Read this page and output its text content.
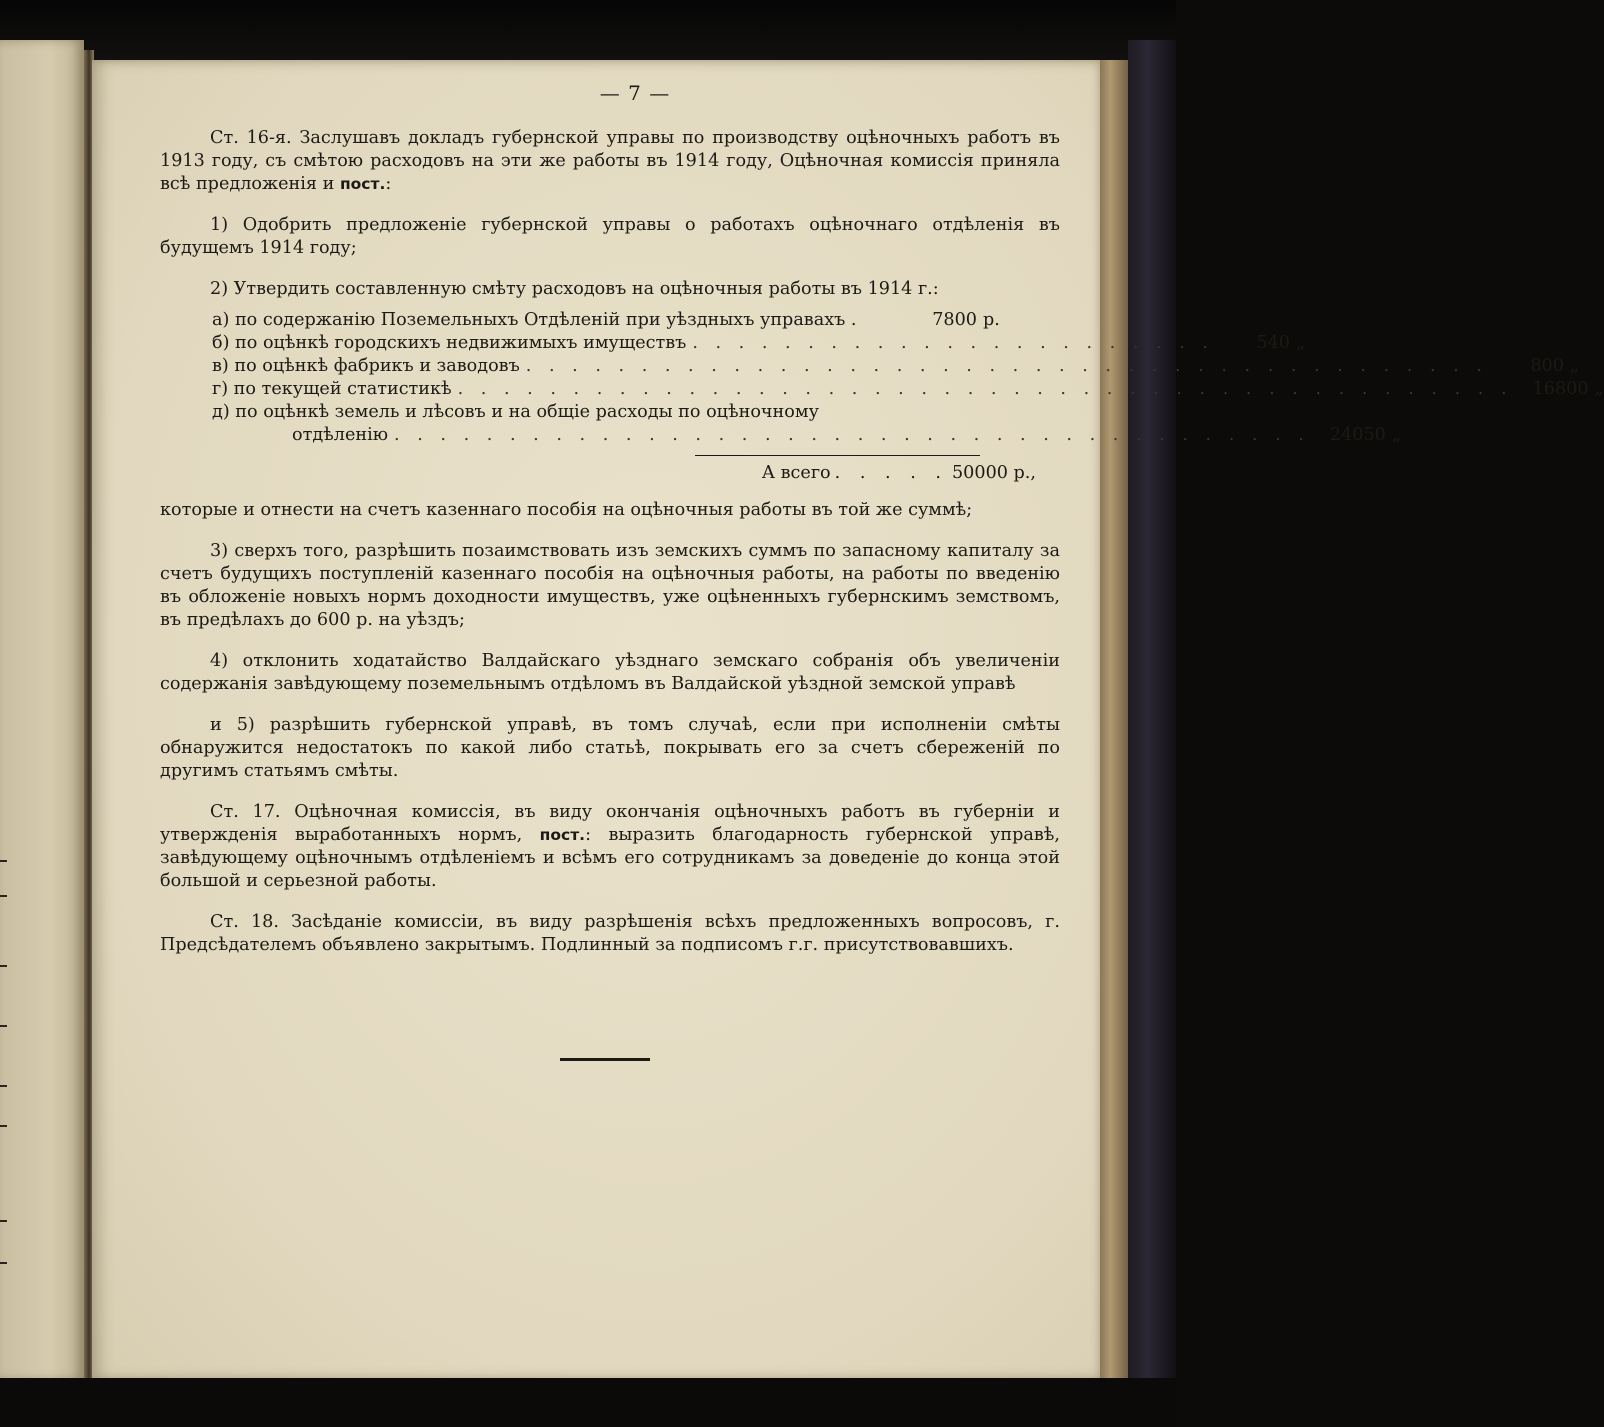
— 7 —

Ст. 16-я. Заслушавъ докладъ губернской управы по производству оцѣночныхъ работъ въ 1913 году, съ смѣтою расходовъ на эти же работы въ 1914 году, Оцѣночная комиссія приняла всѣ предложенія и пост.:

1) Одобрить предложеніе губернской управы о работахъ оцѣночнаго отдѣленія въ будущемъ 1914 году;

2) Утвердить составленную смѣту расходовъ на оцѣночныя работы въ 1914 г.:

а) по содержанію Поземельныхъ Отдѣленій при уѣздныхъ управахъ .	7800 р.
б) по оцѣнкѣ городскихъ недвижимыхъ имуществъ . . . . . . . . . . . . . . . . . . . . . . .	540 „
в) по оцѣнкѣ фабрикъ и заводовъ . . . . . . . . . . . . . . . . . . . . . . . . . . . . . . . . . . . . . . . . . .	800 „
г) по текущей статистикѣ . . . . . . . . . . . . . . . . . . . . . . . . . . . . . . . . . . . . . . . . . . . . . .	16800 „
д) по оцѣнкѣ земель и лѣсовъ и на общіе расходы по оцѣночному
отдѣленію . . . . . . . . . . . . . . . . . . . . . . . . . . . . . . . . . . . . . . . .	24050 „
А всего . . . . . 50000
р.,

которые и отнести на счетъ казеннаго пособія на оцѣночныя работы въ той же суммѣ;

3) сверхъ того, разрѣшить позаимствовать изъ земскихъ суммъ по запасному капиталу за счетъ будущихъ поступленій казеннаго пособія на оцѣночныя работы, на работы по введенію въ обложеніе новыхъ нормъ доходности имуществъ, уже оцѣненныхъ губернскимъ земствомъ, въ предѣлахъ до 600 р. на уѣздъ;

4) отклонить ходатайство Валдайскаго уѣзднаго земскаго собранія объ увеличеніи содержанія завѣдующему поземельнымъ отдѣломъ въ Валдайской уѣздной земской управѣ

и 5) разрѣшить губернской управѣ, въ томъ случаѣ, если при исполненіи смѣты обнаружится недостатокъ по какой либо статьѣ, покрывать его за счетъ сбереженій по другимъ статьямъ смѣты.

Ст. 17. Оцѣночная комиссія, въ виду окончанія оцѣночныхъ работъ въ губерніи и утвержденія выработанныхъ нормъ, пост.: выразить благодарность губернской управѣ, завѣдующему оцѣночнымъ отдѣленіемъ и всѣмъ его сотрудникамъ за доведеніе до конца этой большой и серьезной работы.

Ст. 18. Засѣданіе комиссіи, въ виду разрѣшенія всѣхъ предложенныхъ вопросовъ, г. Предсѣдателемъ объявлено закрытымъ. Подлинный за подписомъ г.г. присутствовавшихъ.
